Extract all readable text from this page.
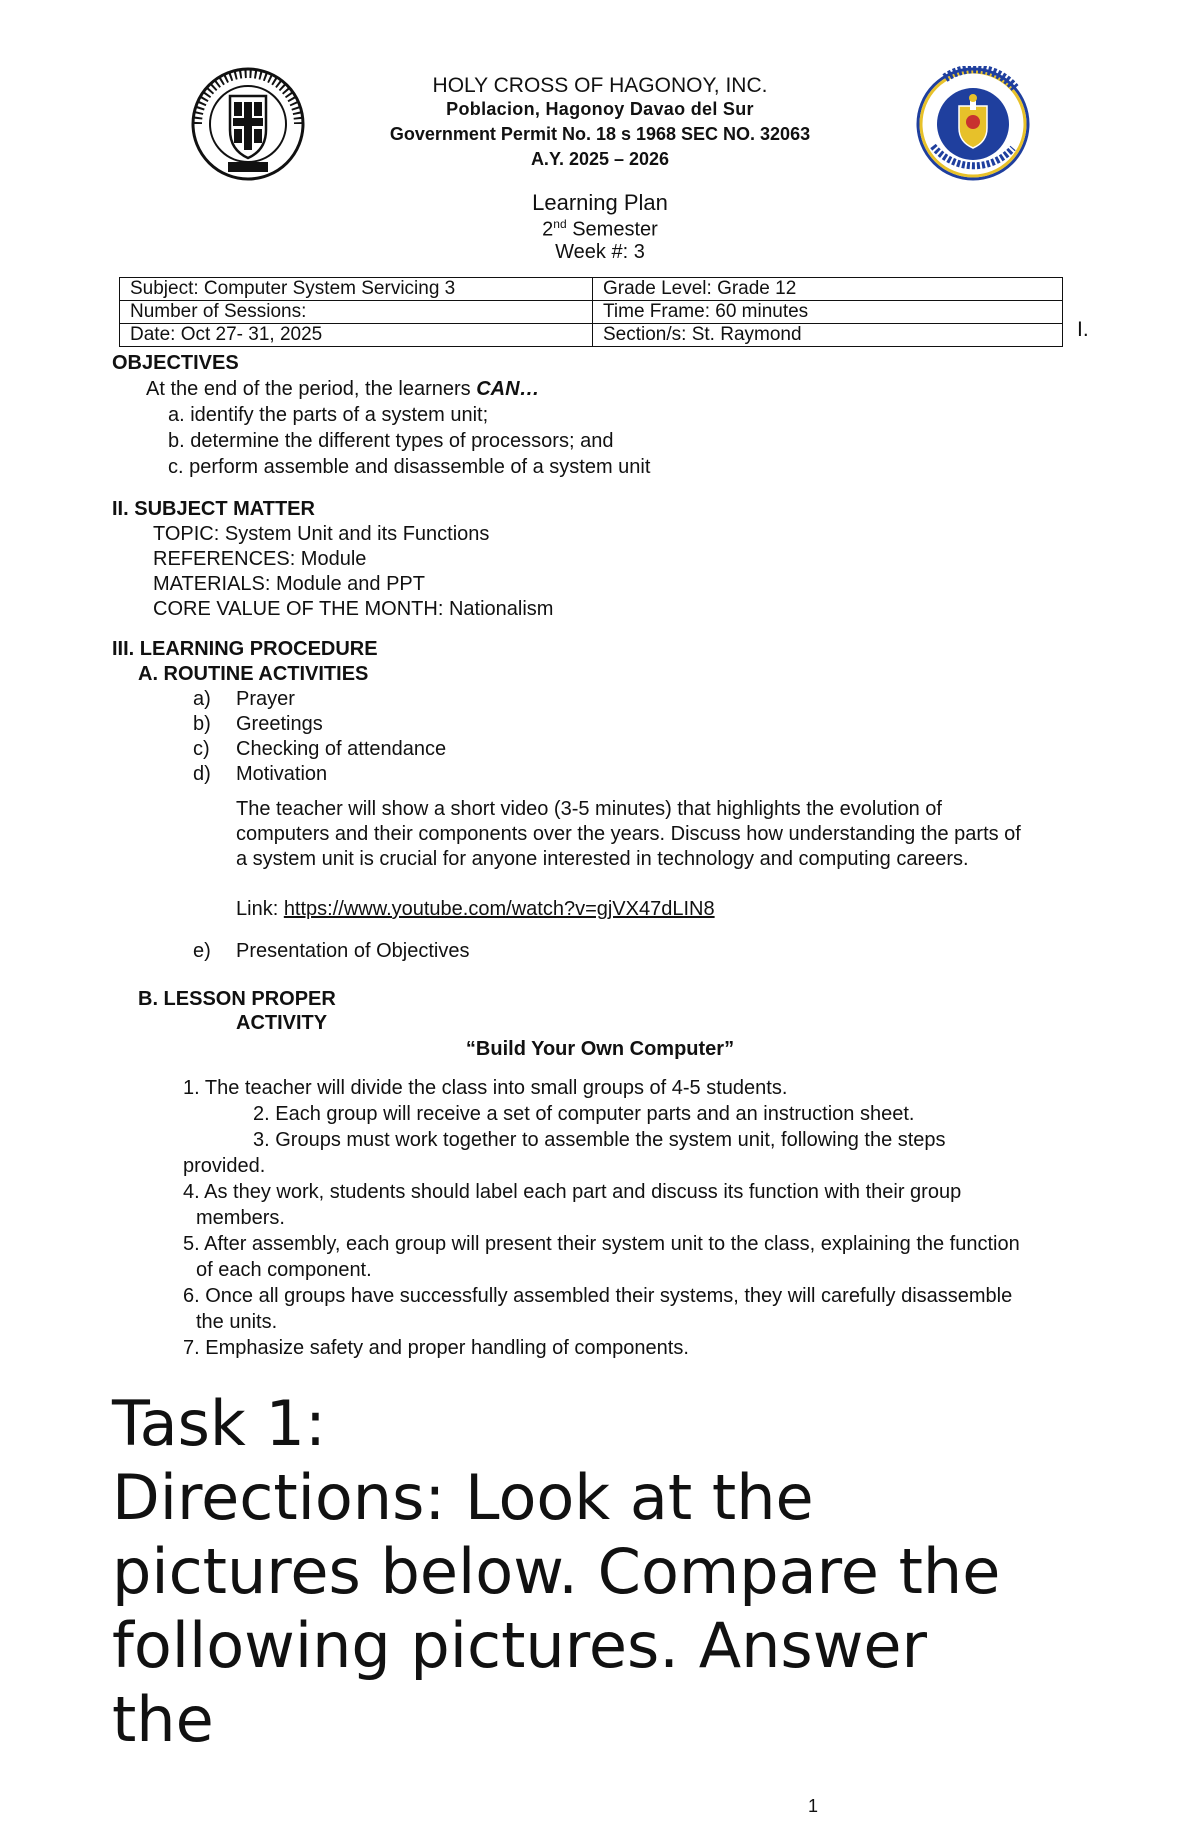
HOLY CROSS OF HAGONOY, INC.
Poblacion, Hagonoy Davao del Sur
Government Permit No. 18 s 1968 SEC NO. 32063
A.Y. 2025 – 2026
Learning Plan
2nd Semester
Week #: 3
Subject: Computer System Servicing 3	Grade Level: Grade 12
Number of Sessions:	Time Frame: 60 minutes
Date: Oct 27- 31, 2025	Section/s: St. Raymond	I.
OBJECTIVES
At the end of the period, the learners CAN…
a. identify the parts of a system unit;
b. determine the different types of processors; and
c. perform assemble and disassemble of a system unit
II. SUBJECT MATTER
TOPIC: System Unit and its Functions
REFERENCES: Module
MATERIALS: Module and PPT
CORE VALUE OF THE MONTH: Nationalism
III. LEARNING PROCEDURE
A. ROUTINE ACTIVITIES
a) Prayer
b) Greetings
c) Checking of attendance
d) Motivation
The teacher will show a short video (3-5 minutes) that highlights the evolution of
computers and their components over the years. Discuss how understanding the parts of
a system unit is crucial for anyone interested in technology and computing careers.
Link: https://www.youtube.com/watch?v=gjVX47dLIN8
e) Presentation of Objectives
B. LESSON PROPER
ACTIVITY
“Build Your Own Computer”
1. The teacher will divide the class into small groups of 4-5 students.
2. Each group will receive a set of computer parts and an instruction sheet.
3. Groups must work together to assemble the system unit, following the steps
provided.
4. As they work, students should label each part and discuss its function with their group
members.
5. After assembly, each group will present their system unit to the class, explaining the function
of each component.
6. Once all groups have successfully assembled their systems, they will carefully disassemble
the units.
7. Emphasize safety and proper handling of components.
Task 1:
Directions: Look at the
pictures below. Compare the
following pictures. Answer
the
1
